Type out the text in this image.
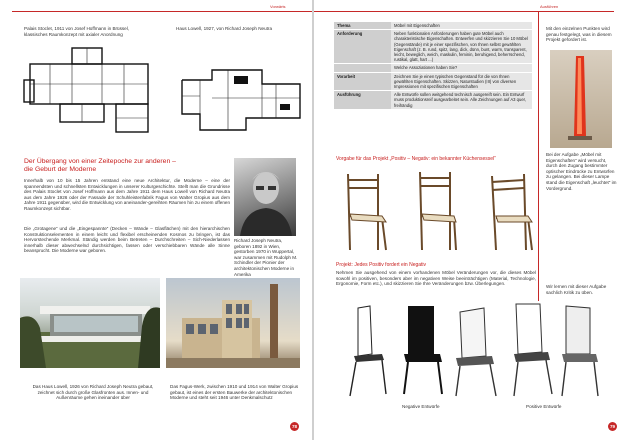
Vorwärts
Palais Stoclet, 1911 von Josef Hoffmann in Brüssel,
klassisches Raumkonzept mit axialer Anordnung
Haus Lowell, 1927, von Richard Joseph Neutra
Der Übergang von einer Zeitepoche zur anderen –
die Geburt der Moderne
Innerhalb von 10 bis 15 Jahren entstand eine neue Architektur, die Moderne – eine der spannendsten und schnellsten Entwicklungen in unserer Kulturgeschichte. Stellt man die Grundrisse des Palais Stoclet von Josef Hoffmann aus dem Jahre 1911 dem Haus Lowell von Richard Neutra aus dem Jahre 1926 oder der Fassade der Schuhleistenfabrik Fagus von Walter Gropius aus dem Jahre 1911 gegenüber, wird die Entwicklung von aneinander-gereihten Räumen hin zu einem offenen Raumkonzept sichtbar.
Die „Grotagene“ und die „Eingespannte“ (Decken – Wände – Glasflächen) mit den hierarchischen Konstruktionselementen in einem leicht und flexibel erscheinenden Kosmos zu bringen, ist das Hervorstechende Merkmal. Ständig werden beim Betreten – Durchschreiten – Sich-Niederlassen innerhalb dieser abwechselnd durchsichtigen, fassen oder verschiebbaren Wände alle Sinne beansprucht. Die Moderne war geboren.
Richard Joseph Neutra, geboren 1892 in Wien, gestorben 1970 in Wuppertal, war zusammen mit Rudolph M. Schindler der Pionier der architektonischen Moderne in Amerika
Das Haus Lowell, 1926 von Richard Joseph Neutra gebaut, zeichnet sich durch große Glasfronten aus. Innen- und Außenräume gehen ineinander über
Das Fagus-Werk, zwischen 1910 und 1914 von Walter Gropius gebaut, ist eines der ersten Bauwerke der architektonischen Moderne und steht seit 1946 unter Denkmalschutz
78
Ausführen
Thema	Möbel mit Eigenschaften
Anforderung	Neben funktionalen Anforderungen haben gute Möbel auch charakteristische Eigenschaften. Entwerfen und skizzieren Sie 10 Möbel (Gegenstände) mit je einer spezifischen, von Ihnen selbst gewählten Eigenschaft (z. B. rund, spitz, lang, dick, dünn, bunt, warm, transparent, leicht, beweglich, weich, maskulin, feminin, beruhigend, beherrschend, rustikal, glatt, hart ...)
	Welche Assoziationen haben Sie?
Vorarbeit	Zeichnen Sie je einen typischen Gegenstand für die von Ihnen gewählten Eigenschaften. Skizzen, Naturstudien (III) von diversen Impressionen mit spezifischen Eigenschaften
Ausführung	Alle Entwürfe sollen weitgehend technisch ausgereift sein. Ein Entwurf muss produktionsreif ausgearbeitet sein. Alle Zeichnungen auf A3 quer, freihändig
Mit den einzelnen Punkten wird genau festgelegt, was in diesem Projekt gefordert ist.
Bei der Aufgabe „Möbel mit Eigenschaften“ wird versucht, durch den Zugang bestimmter optischer Eindrücke zu Entwürfen zu gelangen. Bei dieser Lampe stand die Eigenschaft „leuchtet“ im Vordergrund.
Vorgabe für das Projekt „Positiv – Negativ: ein bekannter Küchensessel“
Projekt: Jedes Positiv fordert ein Negativ
Nehmen Sie ausgehend von einem vorhandenen Möbel Veränderungen vor, die dieses Möbel sowohl im positiven, besonders aber im negativen Weise beeinträchtigen (Material, Technologie, Ergonomie, Form etc.), und skizzieren Sie Ihre Veränderungen bzw. Überlegungen.
Wir lernen mit dieser Aufgabe sachlich Kritik zu üben.
Negative Entwürfe	Positive Entwürfe
79
